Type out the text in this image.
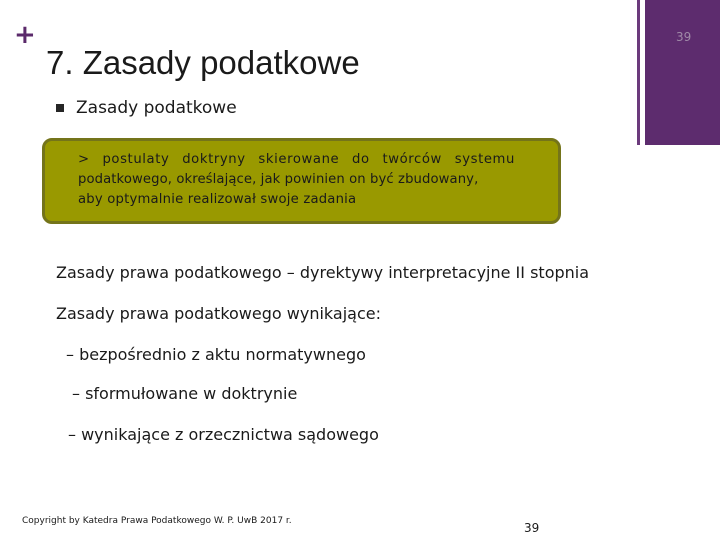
+	39
7. Zasady podatkowe
Zasady podatkowe
> postulaty doktryny skierowane do twórców systemu
podatkowego, określające, jak powinien on być zbudowany,
aby optymalnie realizował swoje zadania
Zasady prawa podatkowego – dyrektywy interpretacyjne II stopnia
Zasady prawa podatkowego wynikające:
– bezpośrednio z aktu normatywnego
– sformułowane w doktrynie
– wynikające z orzecznictwa sądowego
Copyright by Katedra Prawa Podatkowego W. P. UwB 2017 r.	39
